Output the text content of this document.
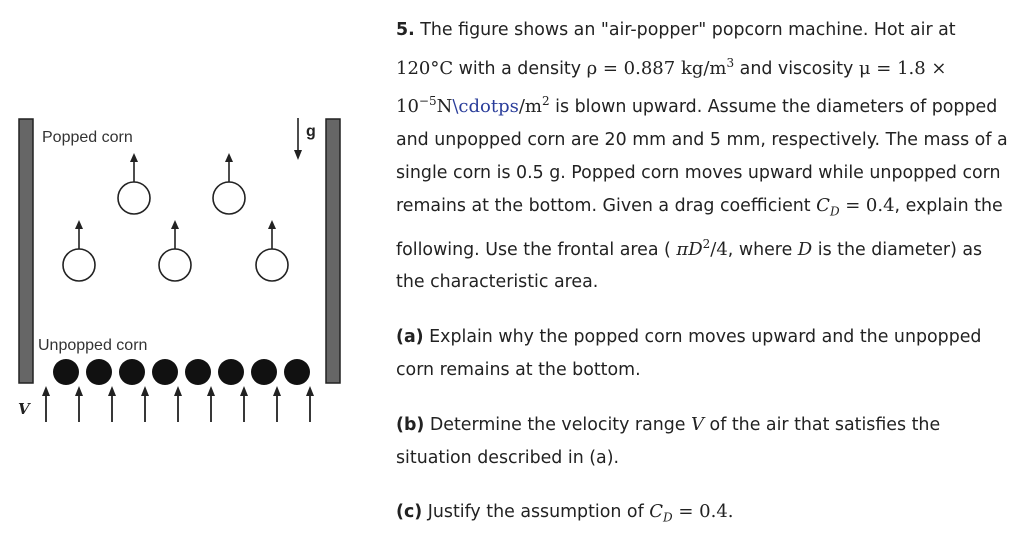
Popped corn
Unpopped corn
g
V

5. The figure shows an "air-popper" popcorn machine. Hot air at
120°C with a density ρ = 0.887 $kg/m^3$ and viscosity μ = 1.8 ×
$10^{-5}N\backslash cdotps/m^2$ is blown upward. Assume the diameters of popped and unpopped corn are 20 mm and 5 mm, respectively. The mass of a single corn is 0.5 g. Popped corn moves upward while unpopped corn remains at the bottom. Given a drag coefficient $C_D = 0.4$, explain the following. Use the frontal area ( $\pi D^2/4$, where D is the diameter) as the characteristic area.

(a) Explain why the popped corn moves upward and the unpopped corn remains at the bottom.

(b) Determine the velocity range V of the air that satisfies the situation described in (a).

(c) Justify the assumption of $C_D = 0.4$.
